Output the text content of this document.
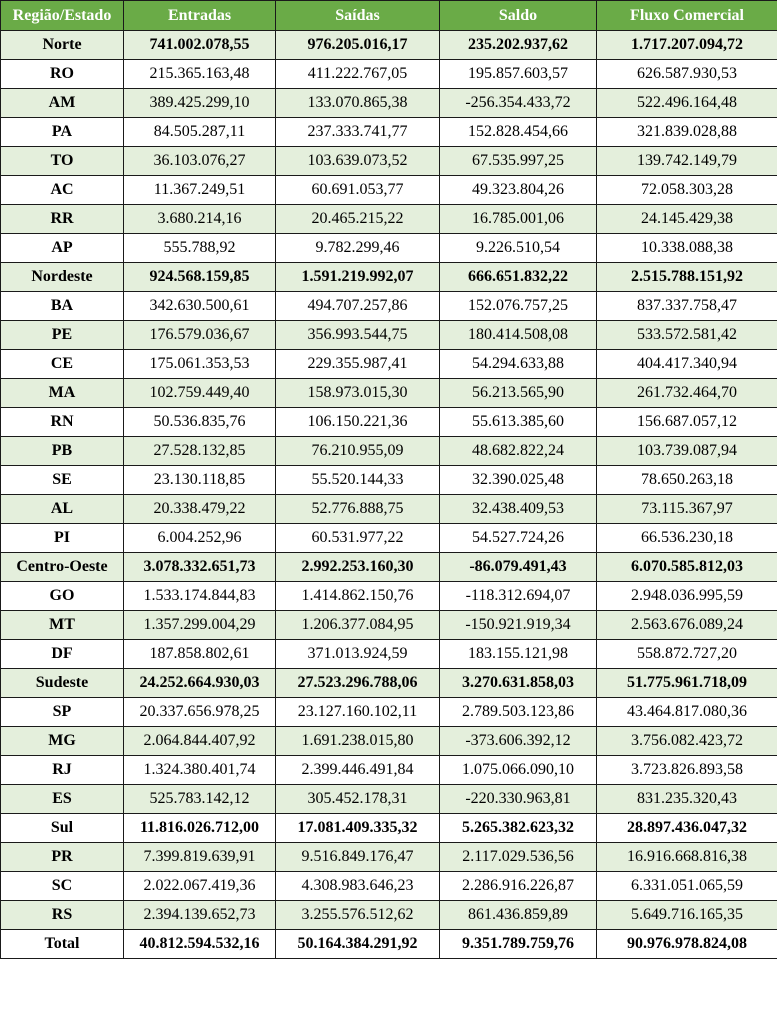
Região/Estado	Entradas	Saídas	Saldo	Fluxo Comercial
Norte	741.002.078,55	976.205.016,17	235.202.937,62	1.717.207.094,72
RO	215.365.163,48	411.222.767,05	195.857.603,57	626.587.930,53
AM	389.425.299,10	133.070.865,38	-256.354.433,72	522.496.164,48
PA	84.505.287,11	237.333.741,77	152.828.454,66	321.839.028,88
TO	36.103.076,27	103.639.073,52	67.535.997,25	139.742.149,79
AC	11.367.249,51	60.691.053,77	49.323.804,26	72.058.303,28
RR	3.680.214,16	20.465.215,22	16.785.001,06	24.145.429,38
AP	555.788,92	9.782.299,46	9.226.510,54	10.338.088,38
Nordeste	924.568.159,85	1.591.219.992,07	666.651.832,22	2.515.788.151,92
BA	342.630.500,61	494.707.257,86	152.076.757,25	837.337.758,47
PE	176.579.036,67	356.993.544,75	180.414.508,08	533.572.581,42
CE	175.061.353,53	229.355.987,41	54.294.633,88	404.417.340,94
MA	102.759.449,40	158.973.015,30	56.213.565,90	261.732.464,70
RN	50.536.835,76	106.150.221,36	55.613.385,60	156.687.057,12
PB	27.528.132,85	76.210.955,09	48.682.822,24	103.739.087,94
SE	23.130.118,85	55.520.144,33	32.390.025,48	78.650.263,18
AL	20.338.479,22	52.776.888,75	32.438.409,53	73.115.367,97
PI	6.004.252,96	60.531.977,22	54.527.724,26	66.536.230,18
Centro-Oeste	3.078.332.651,73	2.992.253.160,30	-86.079.491,43	6.070.585.812,03
GO	1.533.174.844,83	1.414.862.150,76	-118.312.694,07	2.948.036.995,59
MT	1.357.299.004,29	1.206.377.084,95	-150.921.919,34	2.563.676.089,24
DF	187.858.802,61	371.013.924,59	183.155.121,98	558.872.727,20
Sudeste	24.252.664.930,03	27.523.296.788,06	3.270.631.858,03	51.775.961.718,09
SP	20.337.656.978,25	23.127.160.102,11	2.789.503.123,86	43.464.817.080,36
MG	2.064.844.407,92	1.691.238.015,80	-373.606.392,12	3.756.082.423,72
RJ	1.324.380.401,74	2.399.446.491,84	1.075.066.090,10	3.723.826.893,58
ES	525.783.142,12	305.452.178,31	-220.330.963,81	831.235.320,43
Sul	11.816.026.712,00	17.081.409.335,32	5.265.382.623,32	28.897.436.047,32
PR	7.399.819.639,91	9.516.849.176,47	2.117.029.536,56	16.916.668.816,38
SC	2.022.067.419,36	4.308.983.646,23	2.286.916.226,87	6.331.051.065,59
RS	2.394.139.652,73	3.255.576.512,62	861.436.859,89	5.649.716.165,35
Total	40.812.594.532,16	50.164.384.291,92	9.351.789.759,76	90.976.978.824,08
